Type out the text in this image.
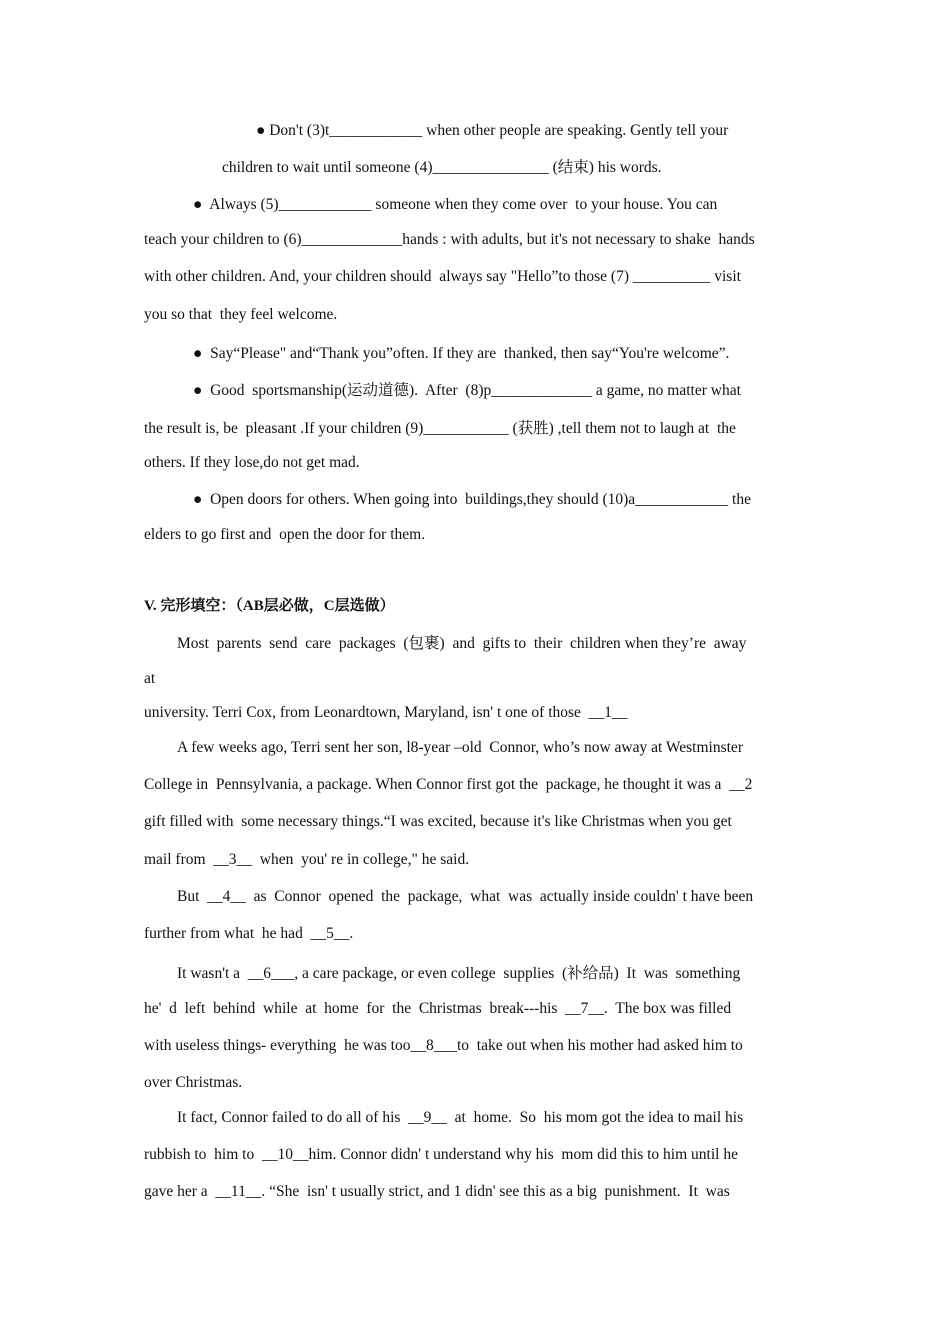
● Don't (3)t____________ when other people are speaking. Gently tell your
children to wait until someone (4)_______________ (结束) his words.
●  Always (5)____________ someone when they come over  to your house. You can
teach your children to (6)_____________hands : with adults, but it's not necessary to shake  hands
with other children. And, your children should  always say "Hello”to those (7) __________ visit
you so that  they feel welcome.
●  Say“Please" and“Thank you”often. If they are  thanked, then say“You're welcome”.
●  Good  sportsmanship(运动道德).  After  (8)p_____________ a game, no matter what
the result is, be  pleasant .If your children (9)___________ (获胜) ,tell them not to laugh at  the
others. If they lose,do not get mad.
●  Open doors for others. When going into  buildings,they should (10)a____________ the
elders to go first and  open the door for them.
V. 完形填空：（AB层必做，C层选做）
Most  parents  send  care  packages  (包裹)  and  gifts to  their  children when they’re  away
at
university. Terri Cox, from Leonardtown, Maryland, isn' t one of those  __1__
A few weeks ago, Terri sent her son, l8-year –old  Connor, who’s now away at Westminster
College in  Pennsylvania, a package. When Connor first got the  package, he thought it was a  __2
gift filled with  some necessary things.“I was excited, because it's like Christmas when you get
mail from  __3__  when  you' re in college," he said.
But  __4__  as  Connor  opened  the  package,  what  was  actually inside couldn' t have been
further from what  he had  __5__.
It wasn't a  __6___, a care package, or even college  supplies  (补给品)  It  was  something
he'  d  left  behind  while  at  home  for  the  Christmas  break---his  __7__.  The box was filled
with useless things- everything  he was too__8___to  take out when his mother had asked him to
over Christmas.
It fact, Connor failed to do all of his  __9__  at  home.  So  his mom got the idea to mail his
rubbish to  him to  __10__him. Connor didn' t understand why his  mom did this to him until he
gave her a  __11__. “She  isn' t usually strict, and 1 didn' see this as a big  punishment.  It  was
